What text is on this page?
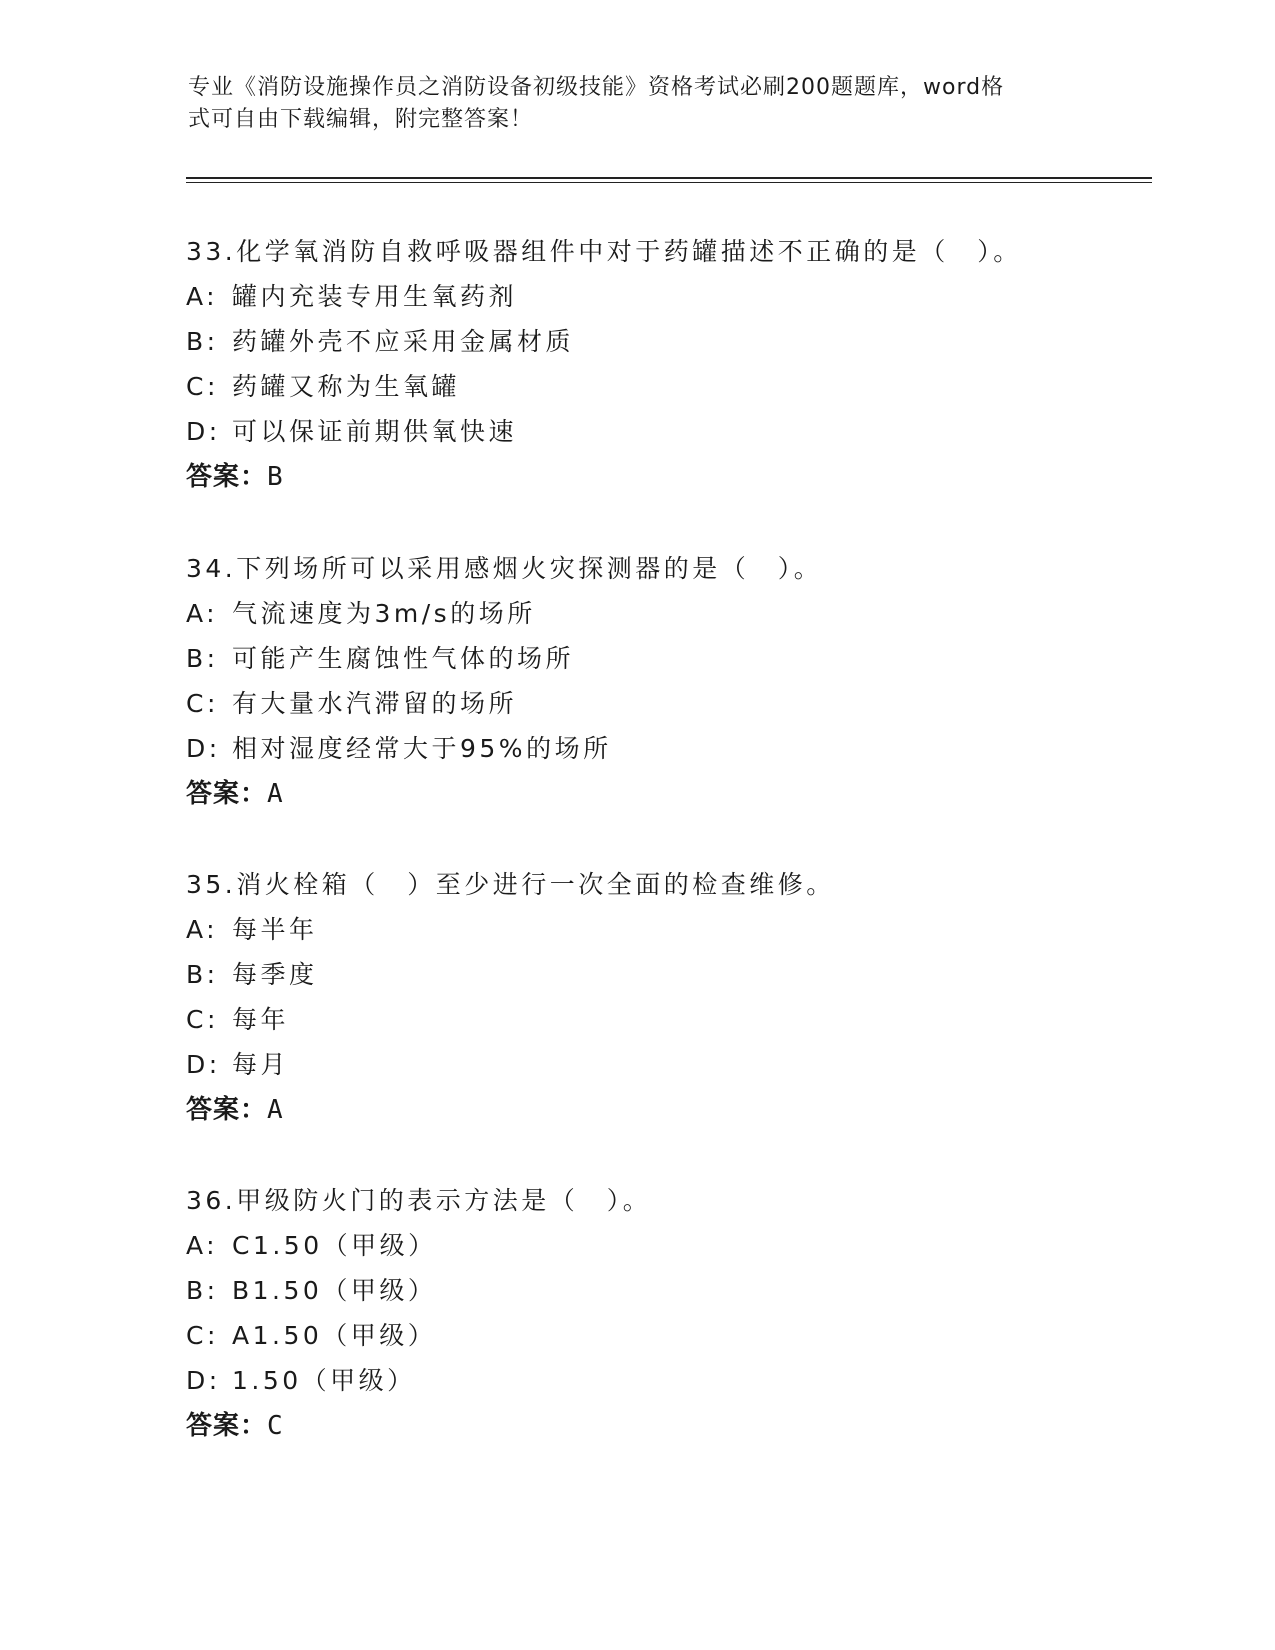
专业《消防设施操作员之消防设备初级技能》资格考试必刷200题题库，word格
式可自由下载编辑，附完整答案！
33.化学氧消防自救呼吸器组件中对于药罐描述不正确的是（　）。
A: 罐内充装专用生氧药剂
B: 药罐外壳不应采用金属材质
C: 药罐又称为生氧罐
D: 可以保证前期供氧快速
答案：B
34.下列场所可以采用感烟火灾探测器的是（　）。
A: 气流速度为3m/s的场所
B: 可能产生腐蚀性气体的场所
C: 有大量水汽滞留的场所
D: 相对湿度经常大于95%的场所
答案：A
35.消火栓箱（　）至少进行一次全面的检查维修。
A: 每半年
B: 每季度
C: 每年
D: 每月
答案：A
36.甲级防火门的表示方法是（　）。
A: C1.50（甲级）
B: B1.50（甲级）
C: A1.50（甲级）
D: 1.50（甲级）
答案：C
